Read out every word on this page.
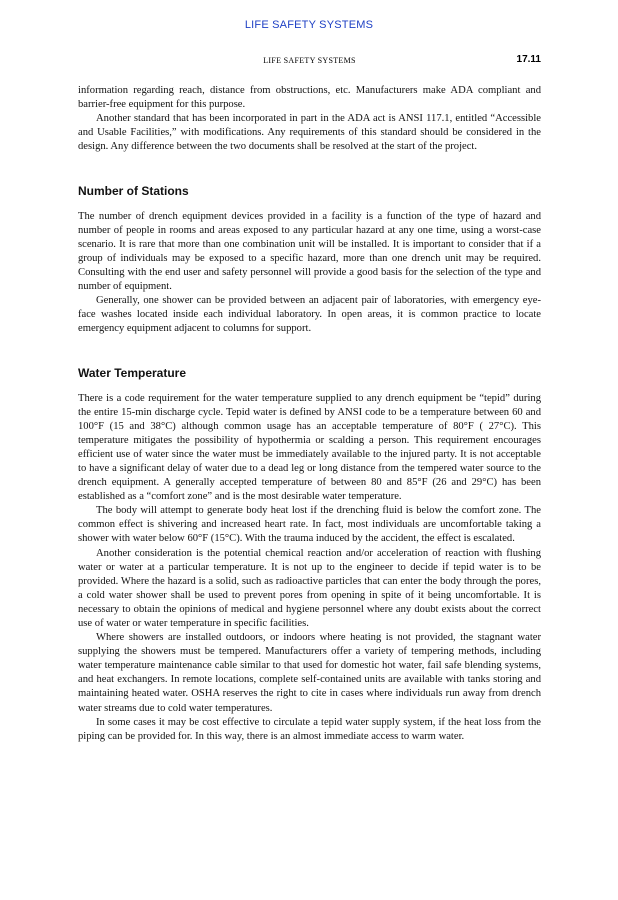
LIFE SAFETY SYSTEMS
LIFE SAFETY SYSTEMS	17.11

information regarding reach, distance from obstructions, etc. Manufacturers make ADA compliant and barrier-free equipment for this purpose.

Another standard that has been incorporated in part in the ADA act is ANSI 117.1, entitled “Accessible and Usable Facilities,” with modifications. Any requirements of this standard should be considered in the design. Any difference between the two documents shall be resolved at the start of the project.

Number of Stations

The number of drench equipment devices provided in a facility is a function of the type of hazard and number of people in rooms and areas exposed to any particular hazard at any one time, using a worst-case scenario. It is rare that more than one combination unit will be installed. It is important to consider that if a group of individuals may be exposed to a specific hazard, more than one drench unit may be required. Consulting with the end user and safety personnel will provide a good basis for the selection of the type and number of equipment.

Generally, one shower can be provided between an adjacent pair of laboratories, with emergency eye-face washes located inside each individual laboratory. In open areas, it is common practice to locate emergency equipment adjacent to columns for support.

Water Temperature

There is a code requirement for the water temperature supplied to any drench equipment be “tepid” during the entire 15-min discharge cycle. Tepid water is defined by ANSI code to be a temperature between 60 and 100°F (15 and 38°C) although common usage has an acceptable temperature of 80°F ( 27°C). This temperature mitigates the possibility of hypothermia or scalding a person. This requirement encourages efficient use of water since the water must be immediately available to the injured party. It is not acceptable to have a significant delay of water due to a dead leg or long distance from the tempered water source to the drench equipment. A generally accepted temperature of between 80 and 85°F (26 and 29°C) has been established as a “comfort zone” and is the most desirable water temperature.

The body will attempt to generate body heat lost if the drenching fluid is below the comfort zone. The common effect is shivering and increased heart rate. In fact, most individuals are uncomfortable taking a shower with water below 60°F (15°C). With the trauma induced by the accident, the effect is escalated.

Another consideration is the potential chemical reaction and/or acceleration of reaction with flushing water or water at a particular temperature. It is not up to the engineer to decide if tepid water is to be provided. Where the hazard is a solid, such as radioactive particles that can enter the body through the pores, a cold water shower shall be used to prevent pores from opening in spite of it being uncomfortable. It is necessary to obtain the opinions of medical and hygiene personnel where any doubt exists about the correct use of water or water temperature in specific facilities.

Where showers are installed outdoors, or indoors where heating is not provided, the stagnant water supplying the showers must be tempered. Manufacturers offer a variety of tempering methods, including water temperature maintenance cable similar to that used for domestic hot water, fail safe blending systems, and heat exchangers. In remote locations, complete self-contained units are available with tanks storing and maintaining heated water. OSHA reserves the right to cite in cases where individuals run away from drench water streams due to cold water temperatures.

In some cases it may be cost effective to circulate a tepid water supply system, if the heat loss from the piping can be provided for. In this way, there is an almost immediate access to warm water.
